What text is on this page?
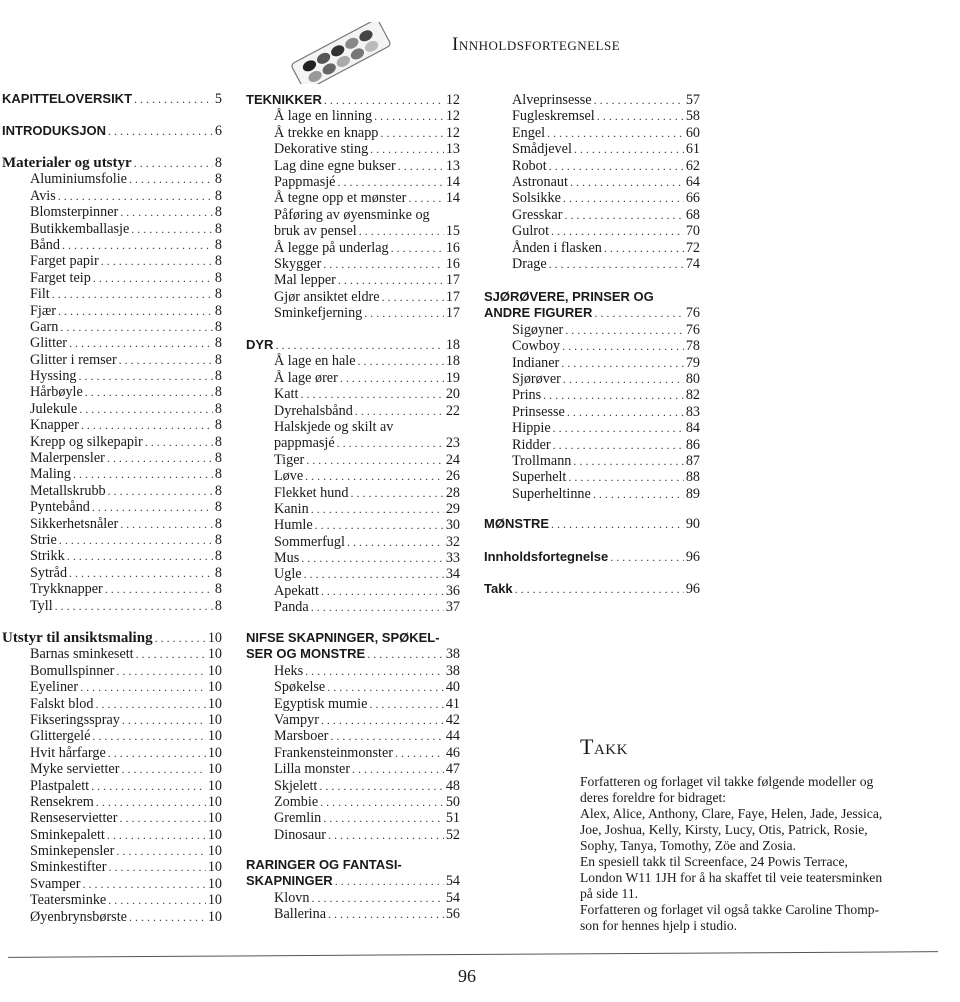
Innholdsfortegnelse
KAPITTELOVERSIKT . . .	5
INTRODUKSJON . . .	6
Materialer og utstyr . . .	8
Aluminiumsfolie . . .	8
Avis . . .	8
Blomsterpinner . . .	8
Butikkemballasje . . .	8
Bånd . . .	8
Farget papir . . .	8
Farget teip . . .	8
Filt . . .	8
Fjær . . .	8
Garn . . .	8
Glitter . . .	8
Glitter i remser . . .	8
Hyssing . . .	8
Hårbøyle . . .	8
Julekule . . .	8
Knapper . . .	8
Krepp og silkepapir . . .	8
Malerpensler . . .	8
Maling . . .	8
Metallskrubb . . .	8
Pyntebånd . . .	8
Sikkerhetsnåler . . .	8
Strie . . .	8
Strikk . . .	8
Sytråd . . .	8
Trykknapper . . .	8
Tyll . . .	8
Utstyr til ansiktsmaling . . .	10
Barnas sminkesett . . .	10
Bomullspinner . . .	10
Eyeliner . . .	10
Falskt blod . . .	10
Fikseringsspray . . .	10
Glittergelé . . .	10
Hvit hårfarge . . .	10
Myke servietter . . .	10
Plastpalett . . .	10
Rensekrem . . .	10
Renseservietter . . .	10
Sminkepalett . . .	10
Sminkepensler . . .	10
Sminkestifter . . .	10
Svamper . . .	10
Teatersminke . . .	10
Øyenbrynsbørste . . .	10
TEKNIKKER . . .	12
Å lage en linning . . .	12
Å trekke en knapp . . .	12
Dekorative sting . . .	13
Lag dine egne bukser . . .	13
Pappmasjé . . .	14
Å tegne opp et mønster . . .	14
Påføring av øyensminke og
bruk av pensel . . .	15
Å legge på underlag . . .	16
Skygger . . .	16
Mal lepper . . .	17
Gjør ansiktet eldre . . .	17
Sminkefjerning . . .	17
DYR . . .	18
Å lage en hale . . .	18
Å lage ører . . .	19
Katt . . .	20
Dyrehalsbånd . . .	22
Halskjede og skilt av
pappmasjé . . .	23
Tiger . . .	24
Løve . . .	26
Flekket hund . . .	28
Kanin . . .	29
Humle . . .	30
Sommerfugl . . .	32
Mus . . .	33
Ugle . . .	34
Apekatt . . .	36
Panda . . .	37
NIFSE SKAPNINGER, SPØKEL-
SER OG MONSTRE . . .	38
Heks . . .	38
Spøkelse . . .	40
Egyptisk mumie . . .	41
Vampyr . . .	42
Marsboer . . .	44
Frankensteinmonster . . .	46
Lilla monster . . .	47
Skjelett . . .	48
Zombie . . .	50
Gremlin . . .	51
Dinosaur . . .	52
RARINGER OG FANTASI-
SKAPNINGER . . .	54
Klovn . . .	54
Ballerina . . .	56
Alveprinsesse . . .	57
Fugleskremsel . . .	58
Engel . . .	60
Smådjevel . . .	61
Robot . . .	62
Astronaut . . .	64
Solsikke . . .	66
Gresskar . . .	68
Gulrot . . .	70
Ånden i flasken . . .	72
Drage . . .	74
SJØRØVERE, PRINSER OG
ANDRE FIGURER . . .	76
Sigøyner . . .	76
Cowboy . . .	78
Indianer . . .	79
Sjørøver . . .	80
Prins . . .	82
Prinsesse . . .	83
Hippie . . .	84
Ridder . . .	86
Trollmann . . .	87
Superhelt . . .	88
Superheltinne . . .	89
MØNSTRE . . .	90
Innholdsfortegnelse . . .	96
Takk . . .	96
Takk
Forfatteren og forlaget vil takke følgende modeller og
deres foreldre for bidraget:
Alex, Alice, Anthony, Clare, Faye, Helen, Jade, Jessica,
Joe, Joshua, Kelly, Kirsty, Lucy, Otis, Patrick, Rosie,
Sophy, Tanya, Tomothy, Zöe and Zosia.
En spesiell takk til Screenface, 24 Powis Terrace,
London W11 1JH for å ha skaffet til veie teatersminken
på side 11.
Forfatteren og forlaget vil også takke Caroline Thomp-
son for hennes hjelp i studio.
96
